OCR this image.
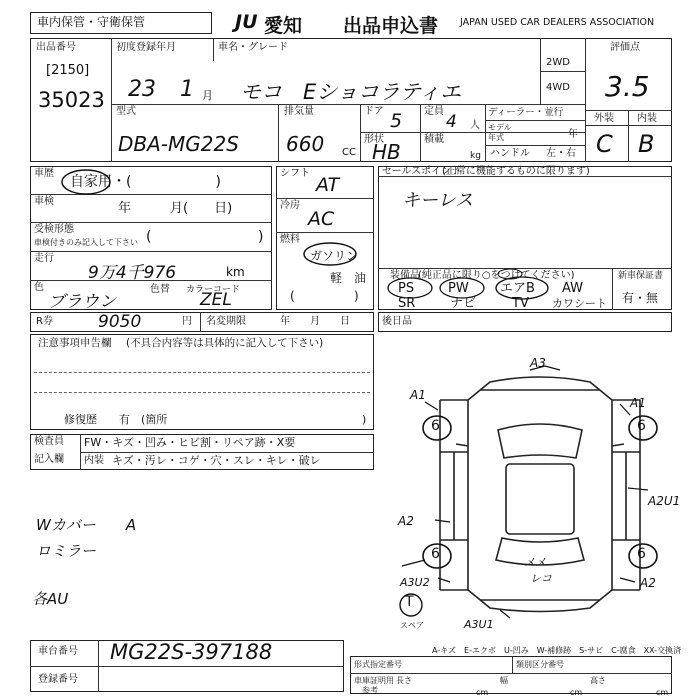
車内保管・守衛保管	JU 愛知 出品申込書 JAPAN USED CAR DEALERS ASSOCIATION
出品番号
[2150]
35023
初度登録年月
23 1 月
車名・グレード
モコ　Eショコラティエ
2WD
4WD
評価点
3.5
外装 内装
C B
型式
DBA-MG22S
排気量
660 CC
ドア 5
形状
HB
定員
4 人
積載
kg
ディーラー・並行
モデル
年式	年
ハンドル 左・右
車歴
自家用・(　　　　　　)
車検	年　　　月(　　日)
受検形態
車検付きのみ記入して下さい (	)
走行
9万4千976	km
色
ブラウン
色替 カラーコード
ZEL
シフト
AT
冷房
AC
燃料
ガソリン
軽　油
(	)
セールスポイント
(正常に機能するものに限ります)
キーレス
装備品
(純正品に限り○をつけてください)	新車保証書
有・無
PS	PW エアB AW
SR	ナビ	TV カワシート
R券	9050	円 名変期限	年　　月　　日	後日品
注意事項申告欄 (不具合内容等は具体的に記入して下さい)
修復歴　　有　(箇所	)
検査員
記入欄
FW・キズ・凹み・ヒビ割・リペア跡・X要
内装 キズ・汚レ・コゲ・穴・スレ・キレ・破レ
Wカバー　　A
ロミラー
各AU
A3
A1
A1
6	6
6	6
A2U1
A2
A3U2	A2
A3U1
メメ
レコ
T
スペア
A-キズ　E-エクボ　U-凹み　W-補修跡　S-サビ　C-腐食　XX-交換済
車台番号 MG22S-397188
登録番号
形式指定番号	類別区分番号
車庫証明用
参考
長さ
cm
幅
cm
高さ
cm
